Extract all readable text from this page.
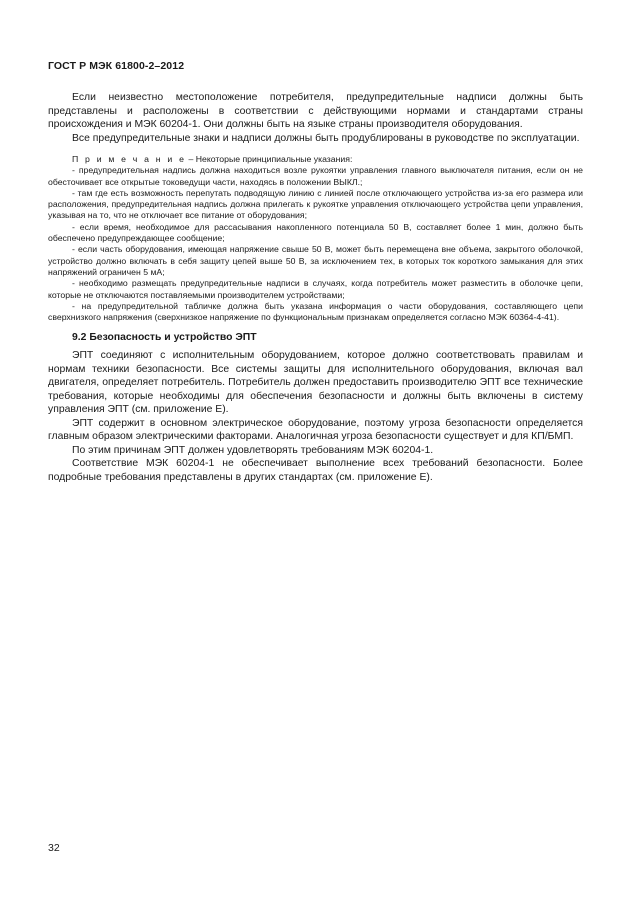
ГОСТ Р МЭК 61800-2–2012

Если неизвестно местоположение потребителя, предупредительные надписи должны быть представлены и расположены в соответствии с действующими нормами и стандартами страны происхождения и МЭК 60204-1. Они должны быть на языке страны производителя оборудования.

Все предупредительные знаки и надписи должны быть продублированы в руководстве по эксплуатации.

П р и м е ч а н и е – Некоторые принципиальные указания:

- предупредительная надпись должна находиться возле рукоятки управления главного выключателя питания, если он не обесточивает все открытые токоведущи части, находясь в положении ВЫКЛ.;

- там где есть возможность перепутать подводящую линию с линией после отключающего устройства из-за его размера или расположения, предупредительная надпись должна прилегать к рукоятке управления отключающего устройства цепи управления, указывая на то, что не отключает все питание от оборудования;

- если время, необходимое для рассасывания накопленного потенциала 50 В, составляет более 1 мин, должно быть обеспечено предупреждающее сообщение;

- если часть оборудования, имеющая напряжение свыше 50 В, может быть перемещена вне объема, закрытого оболочкой, устройство должно включать в себя защиту цепей выше 50 В, за исключением тех, в которых ток короткого замыкания для этих напряжений ограничен 5 мА;

- необходимо размещать предупредительные надписи в случаях, когда потребитель может разместить в оболочке цепи, которые не отключаются поставляемыми производителем устройствами;

- на предупредительной табличке должна быть указана информация о части оборудования, составляющего цепи сверхнизкого напряжения (сверхнизкое напряжение по функциональным признакам определяется согласно МЭК 60364-4-41).

9.2 Безопасность и устройство ЭПТ

ЭПТ соединяют с исполнительным оборудованием, которое должно соответствовать правилам и нормам техники безопасности. Все системы защиты для исполнительного оборудования, включая вал двигателя, определяет потребитель. Потребитель должен предоставить производителю ЭПТ все технические требования, которые необходимы для обеспечения безопасности и должны быть включены в систему управления ЭПТ (см. приложение Е).

ЭПТ содержит в основном электрическое оборудование, поэтому угроза безопасности определяется главным образом электрическими факторами. Аналогичная угроза безопасности существует и для КП/БМП.

По этим причинам ЭПТ должен удовлетворять требованиям МЭК 60204-1.

Соответствие МЭК 60204-1 не обеспечивает выполнение всех требований безопасности. Более подробные требования представлены в других стандартах (см. приложение Е).

32
